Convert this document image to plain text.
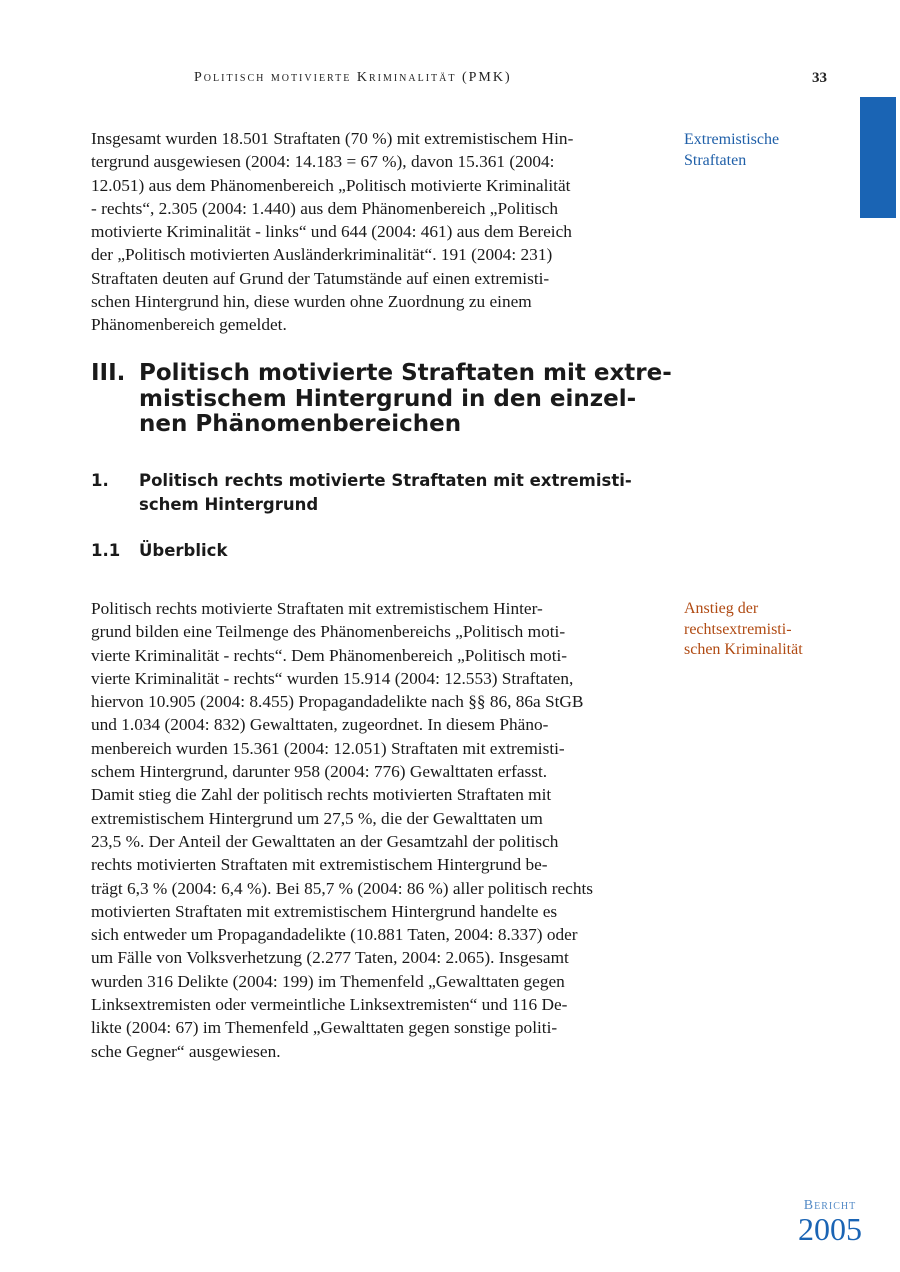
Politisch motivierte Kriminalität (PMK)	33

Insgesamt wurden 18.501 Straftaten (70 %) mit extremistischem Hin-
tergrund ausgewiesen (2004: 14.183 = 67 %), davon 15.361 (2004:
12.051) aus dem Phänomenbereich „Politisch motivierte Kriminalität
- rechts“, 2.305 (2004: 1.440) aus dem Phänomenbereich „Politisch
motivierte Kriminalität - links“ und 644 (2004: 461) aus dem Bereich
der „Politisch motivierten Ausländerkriminalität“. 191 (2004: 231)
Straftaten deuten auf Grund der Tatumstände auf einen extremisti-
schen Hintergrund hin, diese wurden ohne Zuordnung zu einem
Phänomenbereich gemeldet.

Extremistische
Straftaten
III. Politisch motivierte Straftaten mit extre-
mistischem Hintergrund in den einzel-
nen Phänomenbereichen
1. Politisch rechts motivierte Straftaten mit extremisti-
schem Hintergrund
1.1 Überblick

Politisch rechts motivierte Straftaten mit extremistischem Hinter-
grund bilden eine Teilmenge des Phänomenbereichs „Politisch moti-
vierte Kriminalität - rechts“. Dem Phänomenbereich „Politisch moti-
vierte Kriminalität - rechts“ wurden 15.914 (2004: 12.553) Straftaten,
hiervon 10.905 (2004: 8.455) Propagandadelikte nach §§ 86, 86a StGB
und 1.034 (2004: 832) Gewalttaten, zugeordnet. In diesem Phäno-
menbereich wurden 15.361 (2004: 12.051) Straftaten mit extremisti-
schem Hintergrund, darunter 958 (2004: 776) Gewalttaten erfasst.
Damit stieg die Zahl der politisch rechts motivierten Straftaten mit
extremistischem Hintergrund um 27,5 %, die der Gewalttaten um
23,5 %. Der Anteil der Gewalttaten an der Gesamtzahl der politisch
rechts motivierten Straftaten mit extremistischem Hintergrund be-
trägt 6,3 % (2004: 6,4 %). Bei 85,7 % (2004: 86 %) aller politisch rechts
motivierten Straftaten mit extremistischem Hintergrund handelte es
sich entweder um Propagandadelikte (10.881 Taten, 2004: 8.337) oder
um Fälle von Volksverhetzung (2.277 Taten, 2004: 2.065). Insgesamt
wurden 316 Delikte (2004: 199) im Themenfeld „Gewalttaten gegen
Linksextremisten oder vermeintliche Linksextremisten“ und 116 De-
likte (2004: 67) im Themenfeld „Gewalttaten gegen sonstige politi-
sche Gegner“ ausgewiesen.

Anstieg der
rechtsextremisti-
schen Kriminalität
Bericht
2005
